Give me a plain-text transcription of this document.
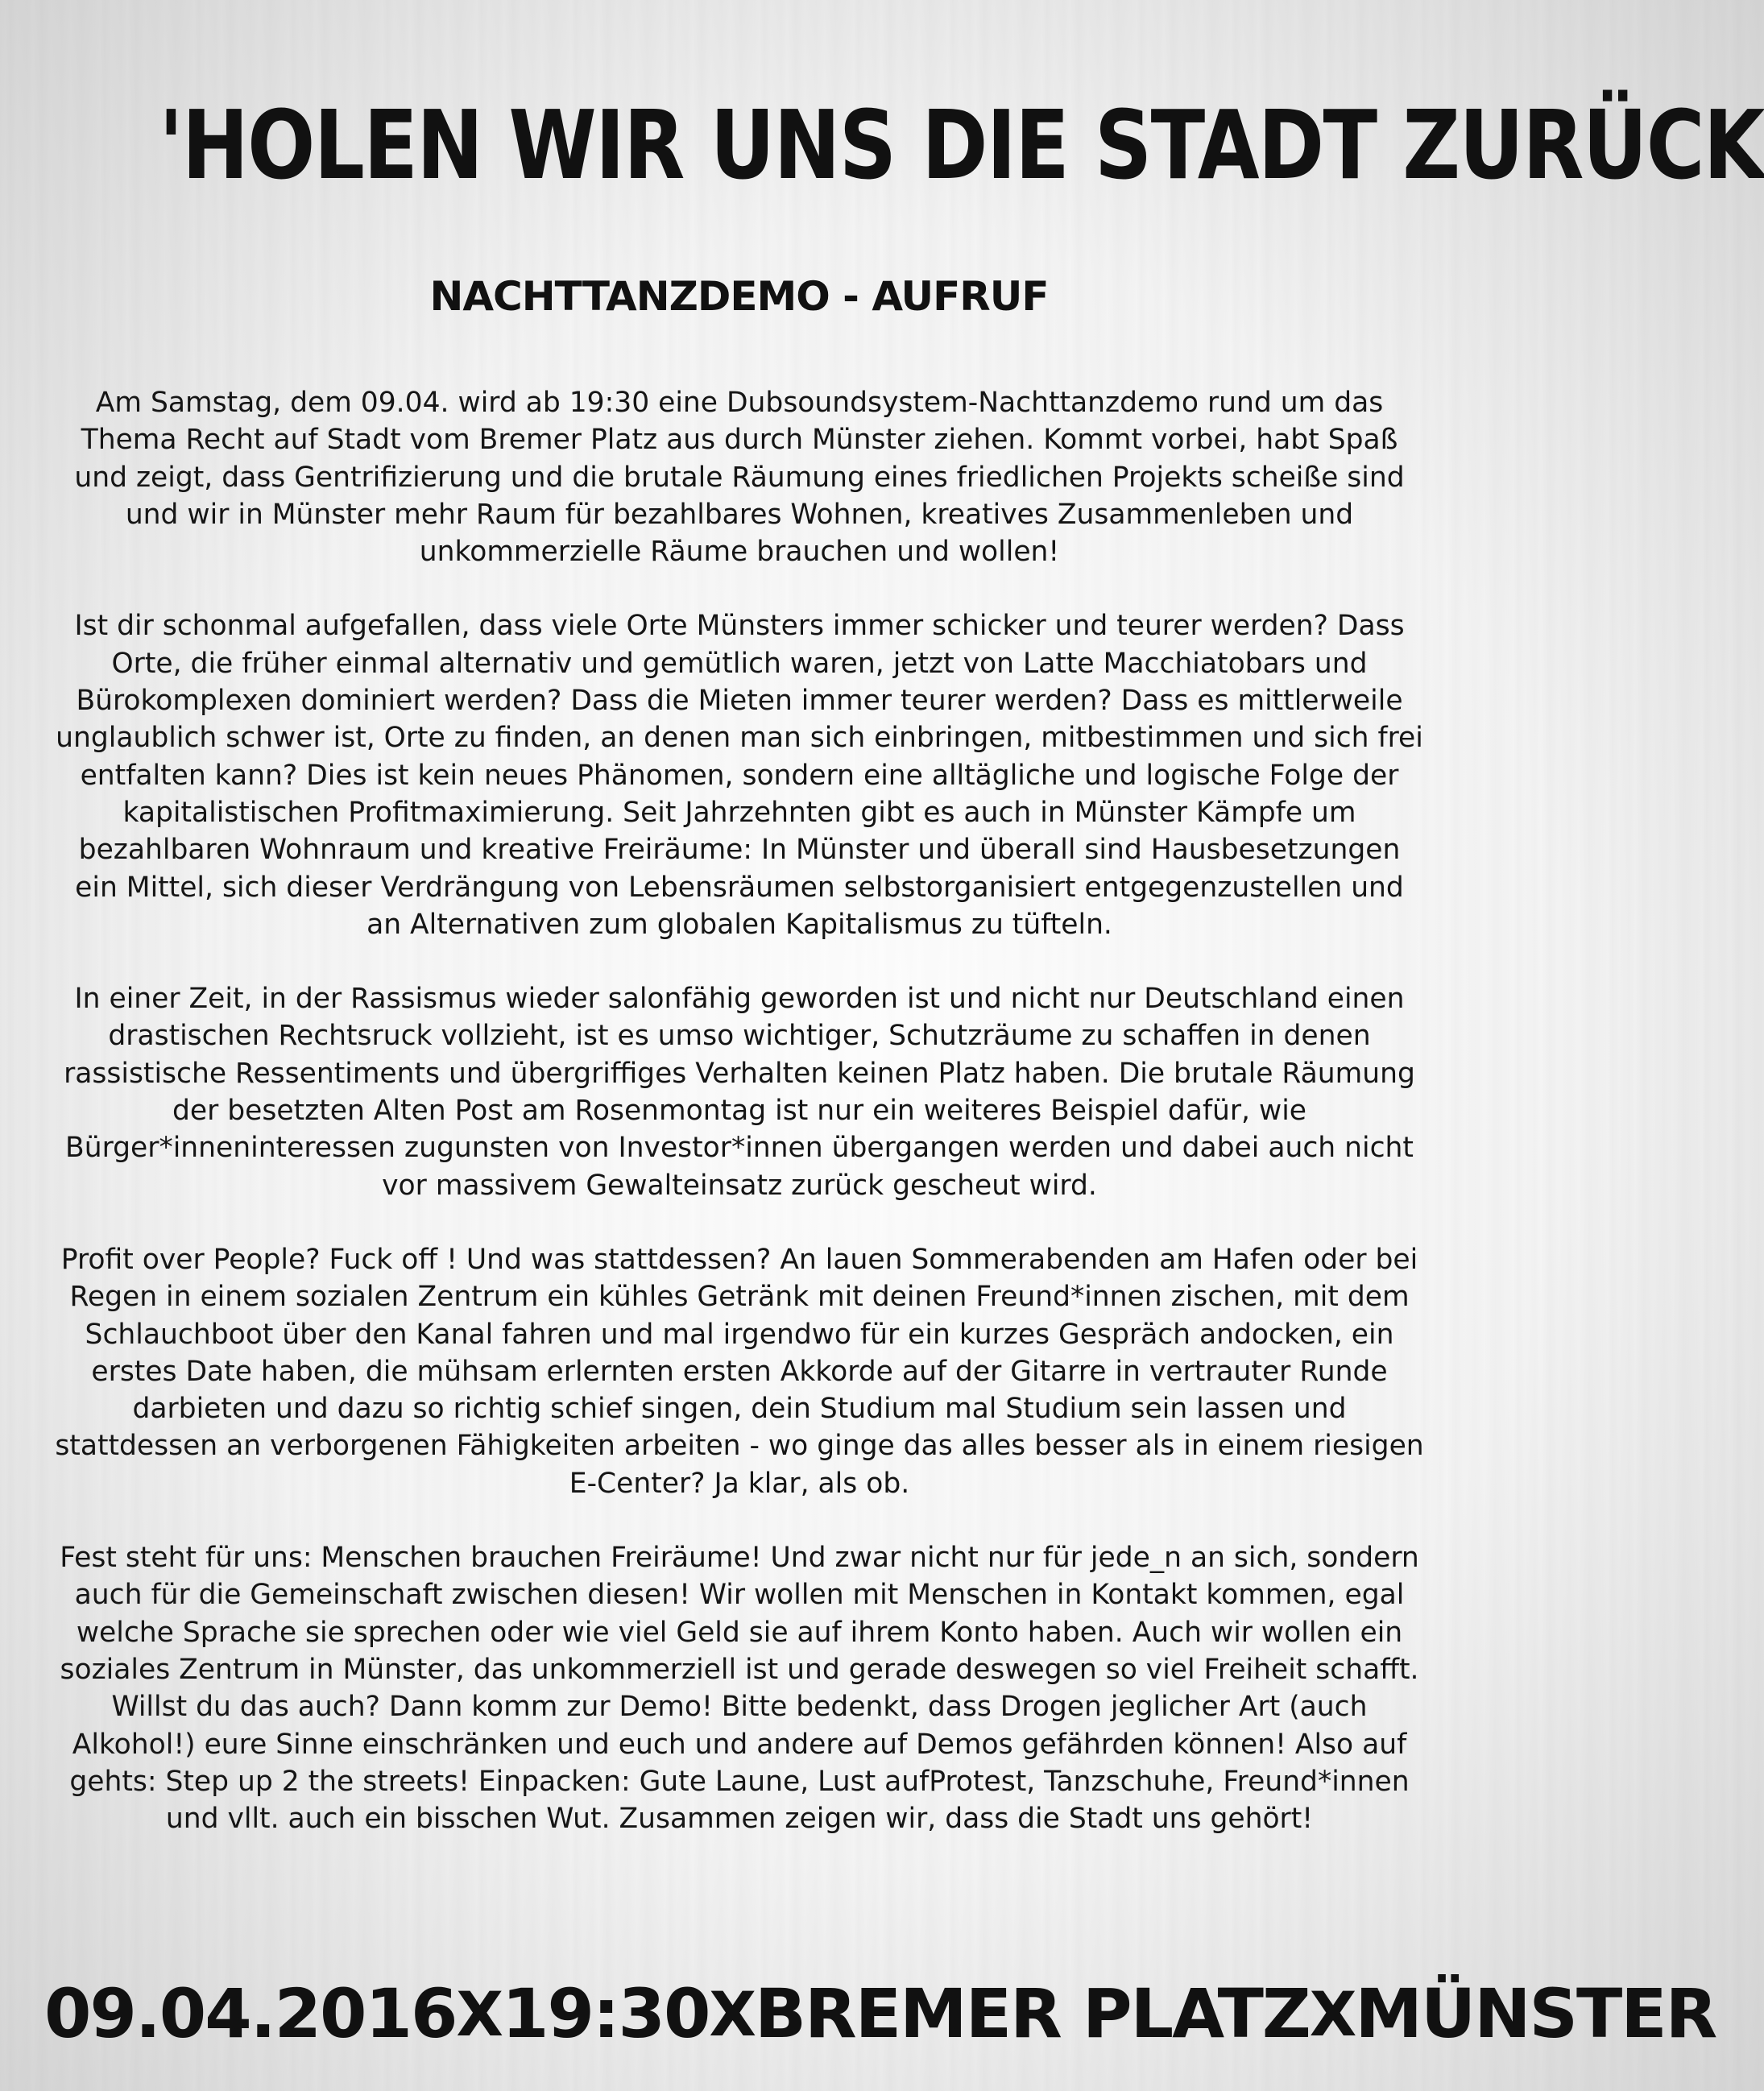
'HOLEN WIR UNS DIE STADT ZURÜCK
NACHTTANZDEMO - AUFRUF

Am Samstag, dem 09.04. wird ab 19:30 eine Dubsoundsystem-Nachttanzdemo rund um das Thema Recht auf Stadt vom Bremer Platz aus durch Münster ziehen. Kommt vorbei, habt Spaß und zeigt, dass Gentrifizierung und die brutale Räumung eines friedlichen Projekts scheiße sind und wir in Münster mehr Raum für bezahlbares Wohnen, kreatives Zusammenleben und unkommerzielle Räume brauchen und wollen!

Ist dir schonmal aufgefallen, dass viele Orte Münsters immer schicker und teurer werden? Dass Orte, die früher einmal alternativ und gemütlich waren, jetzt von Latte Macchiatobars und Bürokomplexen dominiert werden? Dass die Mieten immer teurer werden? Dass es mittlerweile unglaublich schwer ist, Orte zu finden, an denen man sich einbringen, mitbestimmen und sich frei entfalten kann? Dies ist kein neues Phänomen, sondern eine alltägliche und logische Folge der kapitalistischen Profitmaximierung. Seit Jahrzehnten gibt es auch in Münster Kämpfe um bezahlbaren Wohnraum und kreative Freiräume: In Münster und überall sind Hausbesetzungen ein Mittel, sich dieser Verdrängung von Lebensräumen selbstorganisiert entgegenzustellen und an Alternativen zum globalen Kapitalismus zu tüfteln.

In einer Zeit, in der Rassismus wieder salonfähig geworden ist und nicht nur Deutschland einen drastischen Rechtsruck vollzieht, ist es umso wichtiger, Schutzräume zu schaffen in denen rassistische Ressentiments und übergriffiges Verhalten keinen Platz haben. Die brutale Räumung der besetzten Alten Post am Rosenmontag ist nur ein weiteres Beispiel dafür, wie Bürger*inneninteressen zugunsten von Investor*innen übergangen werden und dabei auch nicht vor massivem Gewalteinsatz zurück gescheut wird.

Profit over People? Fuck off ! Und was stattdessen? An lauen Sommerabenden am Hafen oder bei Regen in einem sozialen Zentrum ein kühles Getränk mit deinen Freund*innen zischen, mit dem Schlauchboot über den Kanal fahren und mal irgendwo für ein kurzes Gespräch andocken, ein erstes Date haben, die mühsam erlernten ersten Akkorde auf der Gitarre in vertrauter Runde darbieten und dazu so richtig schief singen, dein Studium mal Studium sein lassen und stattdessen an verborgenen Fähigkeiten arbeiten - wo ginge das alles besser als in einem riesigen E-Center? Ja klar, als ob.

Fest steht für uns: Menschen brauchen Freiräume! Und zwar nicht nur für jede_n an sich, sondern auch für die Gemeinschaft zwischen diesen! Wir wollen mit Menschen in Kontakt kommen, egal welche Sprache sie sprechen oder wie viel Geld sie auf ihrem Konto haben. Auch wir wollen ein soziales Zentrum in Münster, das unkommerziell ist und gerade deswegen so viel Freiheit schafft. Willst du das auch? Dann komm zur Demo! Bitte bedenkt, dass Drogen jeglicher Art (auch Alkohol!) eure Sinne einschränken und euch und andere auf Demos gefährden können! Also auf gehts: Step up 2 the streets! Einpacken: Gute Laune, Lust aufProtest, Tanzschuhe, Freund*innen und vllt. auch ein bisschen Wut. Zusammen zeigen wir, dass die Stadt uns gehört!

09.04.2016 X 19:30 X BREMER PLATZ X MÜNSTER
